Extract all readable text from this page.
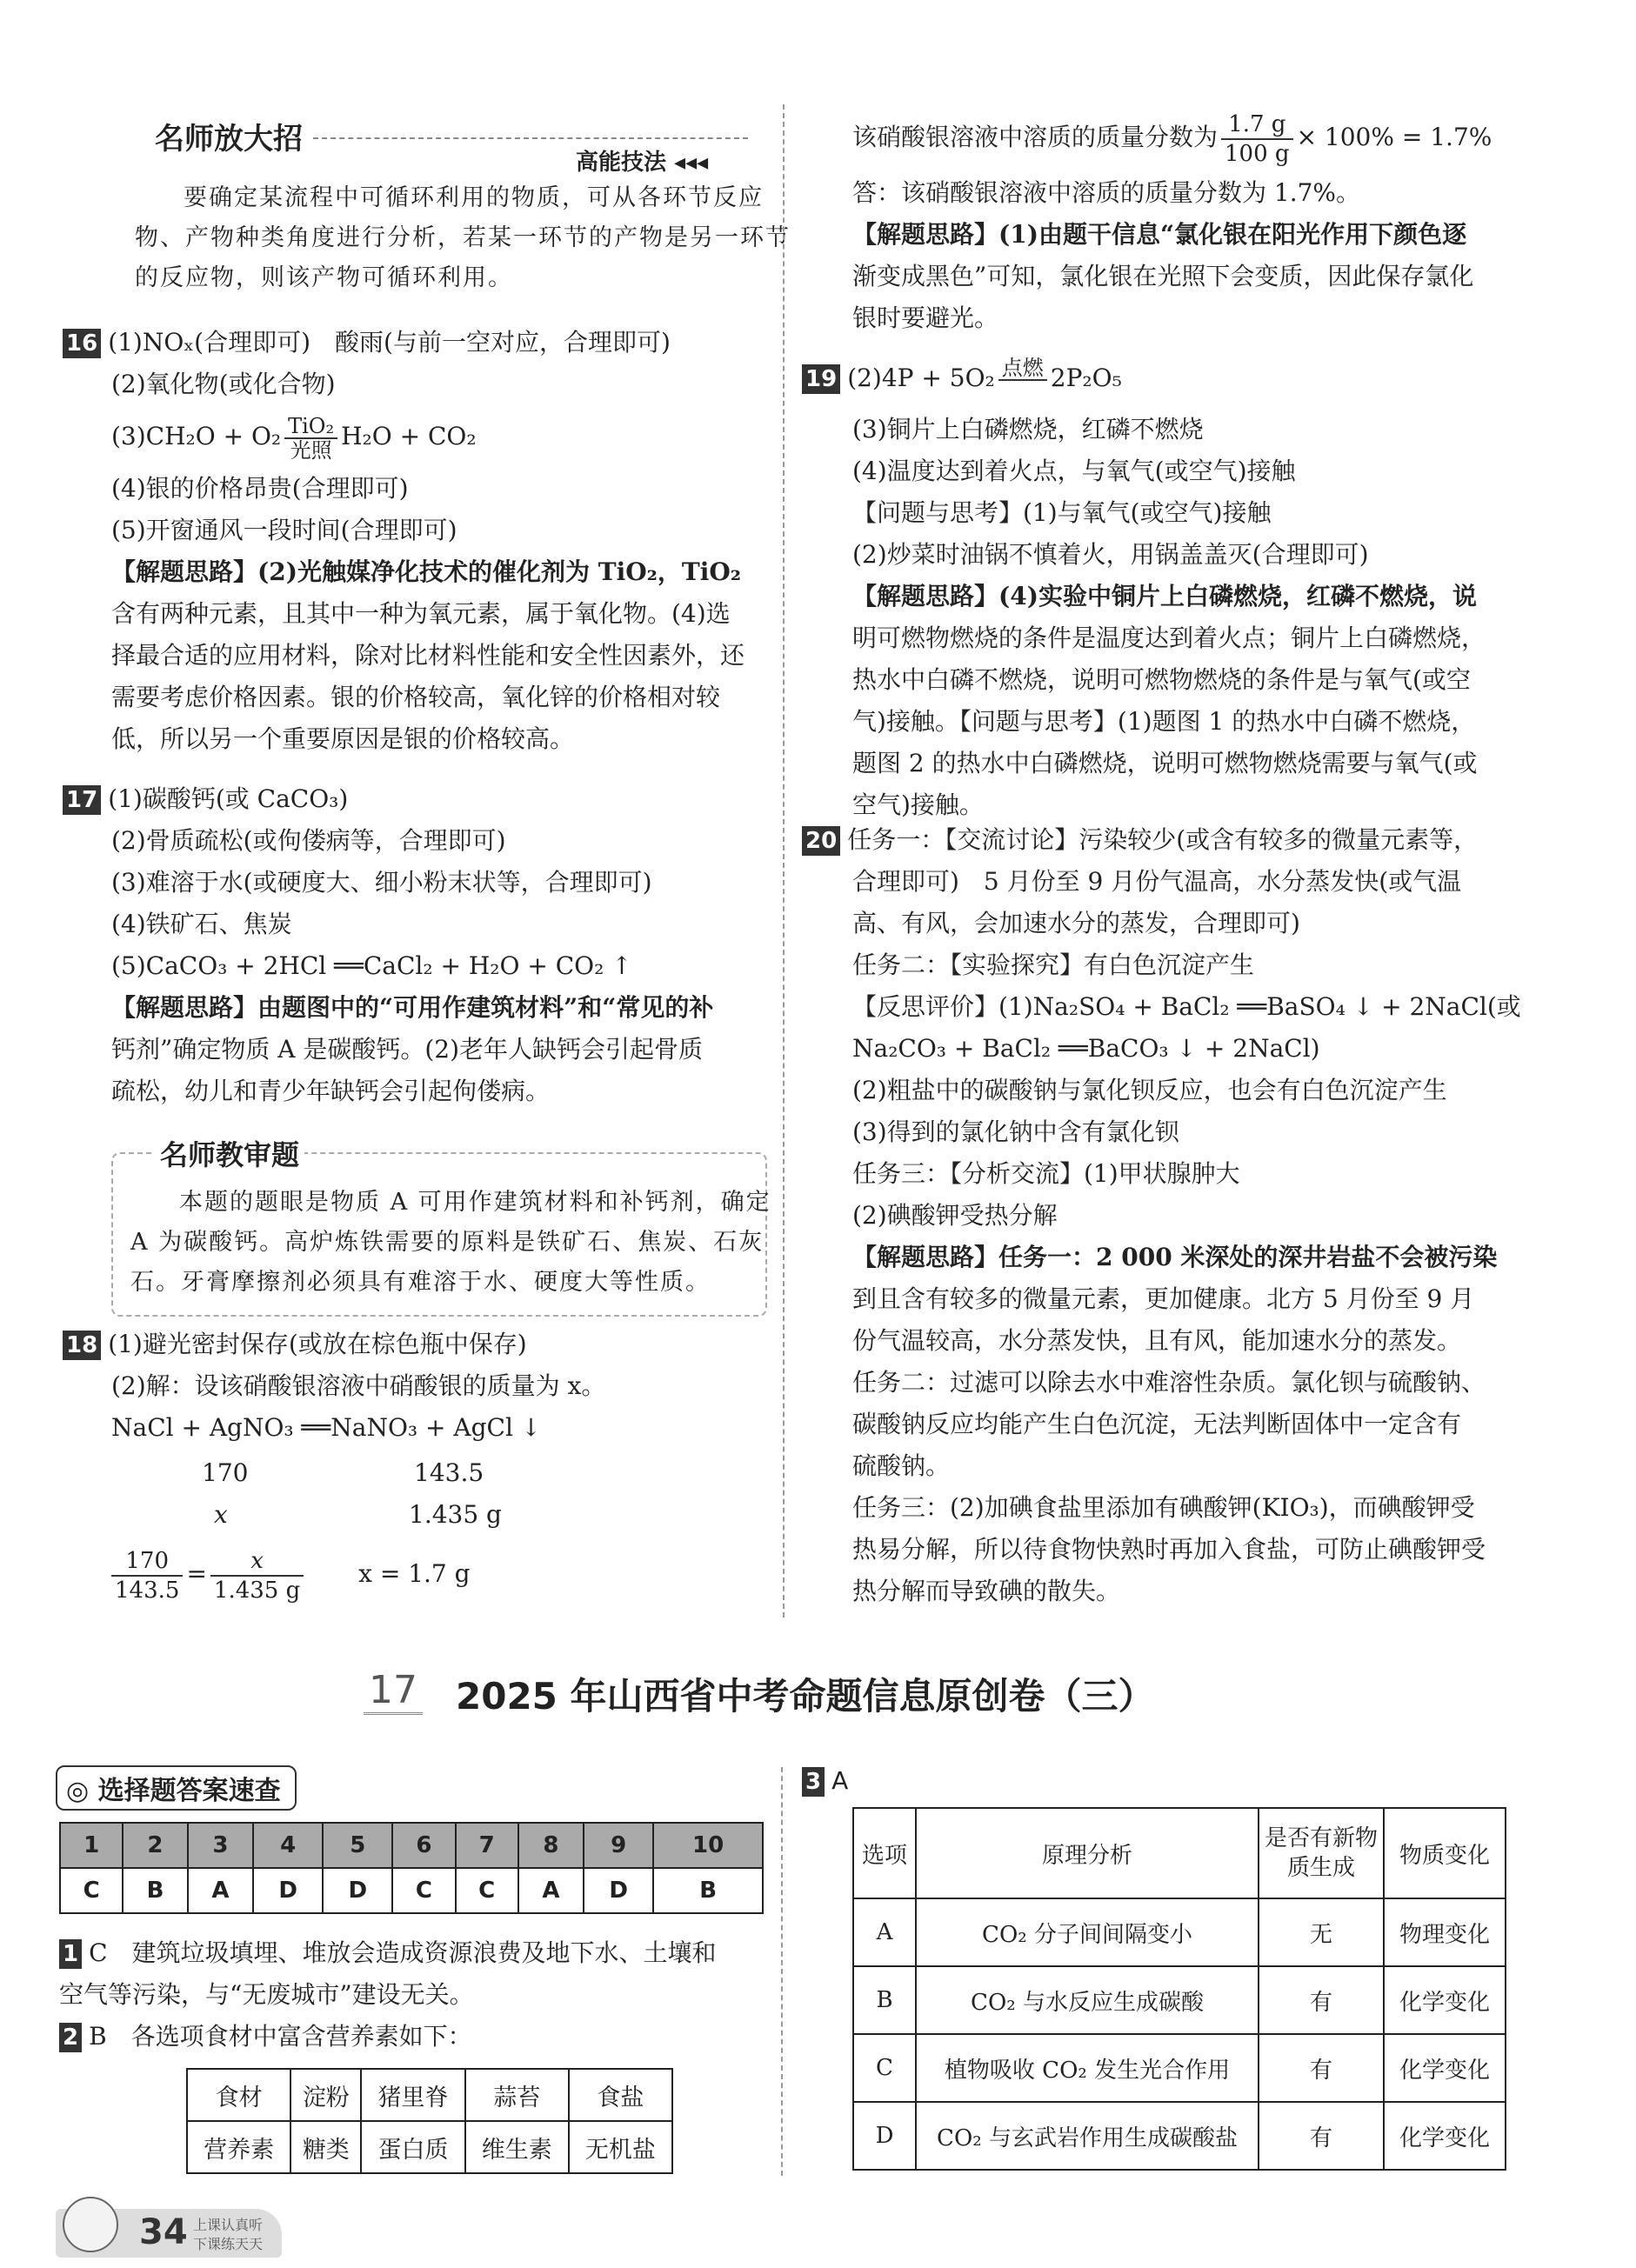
名师放大招
高能技法 ◂◂◂
要确定某流程中可循环利用的物质，可从各环节反应
物、产物种类角度进行分析，若某一环节的产物是另一环节
的反应物，则该产物可循环利用。
16 (1)NOₓ(合理即可)　酸雨(与前一空对应，合理即可)
(2)氧化物(或化合物)
$(3)CH_2O + O_2 \frac{\text{TiO₂}}{\text{光照}} H_2O + CO_2$
(4)银的价格昂贵(合理即可)
(5)开窗通风一段时间(合理即可)
【解题思路】(2)光触媒净化技术的催化剂为 TiO₂，TiO₂
含有两种元素，且其中一种为氧元素，属于氧化物。(4)选
择最合适的应用材料，除对比材料性能和安全性因素外，还
需要考虑价格因素。银的价格较高，氧化锌的价格相对较
低，所以另一个重要原因是银的价格较高。
17 (1)碳酸钙(或 CaCO₃)
(2)骨质疏松(或佝偻病等，合理即可)
(3)难溶于水(或硬度大、细小粉末状等，合理即可)
(4)铁矿石、焦炭
(5)CaCO₃ + 2HCl ══CaCl₂ + H₂O + CO₂ ↑
【解题思路】由题图中的“可用作建筑材料”和“常见的补
钙剂”确定物质 A 是碳酸钙。(2)老年人缺钙会引起骨质
疏松，幼儿和青少年缺钙会引起佝偻病。
名师教审题
本题的题眼是物质 A 可用作建筑材料和补钙剂，确定
A 为碳酸钙。高炉炼铁需要的原料是铁矿石、焦炭、石灰
石。牙膏摩擦剂必须具有难溶于水、硬度大等性质。
18 (1)避光密封保存(或放在棕色瓶中保存)
(2)解：设该硝酸银溶液中硝酸银的质量为 x。
NaCl + AgNO₃ ══NaNO₃ + AgCl ↓
170	143.5
x	1.435 g
$\frac{170}{143.5} = \frac{x}{1.435 g}$ x = 1.7 g
该硝酸银溶液中溶质的质量分数为 $\frac{1.7 g}{100 g} \times 100\% = 1.7\%$
答：该硝酸银溶液中溶质的质量分数为 1.7%。
【解题思路】(1)由题干信息“氯化银在阳光作用下颜色逐
渐变成黑色”可知，氯化银在光照下会变质，因此保存氯化
银时要避光。
19 (2)4P + 5O₂ 点燃
2P₂O₅
(3)铜片上白磷燃烧，红磷不燃烧
(4)温度达到着火点，与氧气(或空气)接触
【问题与思考】(1)与氧气(或空气)接触
(2)炒菜时油锅不慎着火，用锅盖盖灭(合理即可)
【解题思路】(4)实验中铜片上白磷燃烧，红磷不燃烧，说
明可燃物燃烧的条件是温度达到着火点；铜片上白磷燃烧，
热水中白磷不燃烧，说明可燃物燃烧的条件是与氧气(或空
气)接触。【问题与思考】(1)题图 1 的热水中白磷不燃烧，
题图 2 的热水中白磷燃烧，说明可燃物燃烧需要与氧气(或
空气)接触。
20 任务一：【交流讨论】污染较少(或含有较多的微量元素等，
合理即可)　5 月份至 9 月份气温高，水分蒸发快(或气温
高、有风，会加速水分的蒸发，合理即可)
任务二：【实验探究】有白色沉淀产生
【反思评价】(1)Na₂SO₄ + BaCl₂ ══BaSO₄ ↓ + 2NaCl(或
Na₂CO₃ + BaCl₂ ══BaCO₃ ↓ + 2NaCl)
(2)粗盐中的碳酸钠与氯化钡反应，也会有白色沉淀产生
(3)得到的氯化钠中含有氯化钡
任务三：【分析交流】(1)甲状腺肿大
(2)碘酸钾受热分解
【解题思路】任务一：2 000 米深处的深井岩盐不会被污染
到且含有较多的微量元素，更加健康。北方 5 月份至 9 月
份气温较高，水分蒸发快，且有风，能加速水分的蒸发。
任务二：过滤可以除去水中难溶性杂质。氯化钡与硫酸钠、
碳酸钠反应均能产生白色沉淀，无法判断固体中一定含有
硫酸钠。
任务三：(2)加碘食盐里添加有碘酸钾(KIO₃)，而碘酸钾受
热易分解，所以待食物快熟时再加入食盐，可防止碘酸钾受
热分解而导致碘的散失。
17 2025 年山西省中考命题信息原创卷（三）
◎ 选择题答案速查
1	2	3	4	5	6	7	8	9	10
C	B	A	D	D	C	C	A	D	B
1 C　建筑垃圾填埋、堆放会造成资源浪费及地下水、土壤和
空气等污染，与“无废城市”建设无关。
2 B　各选项食材中富含营养素如下：
食材	淀粉	猪里脊	蒜苔	食盐
营养素	糖类	蛋白质	维生素	无机盐
3 A
选项	原理分析	是否有新物质生成	物质变化
A	CO₂ 分子间间隔变小	无	物理变化
B	CO₂ 与水反应生成碳酸	有	化学变化
C	植物吸收 CO₂ 发生光合作用	有	化学变化
D	CO₂ 与玄武岩作用生成碳酸盐	有	化学变化
34 上课认真听
下课练天天
